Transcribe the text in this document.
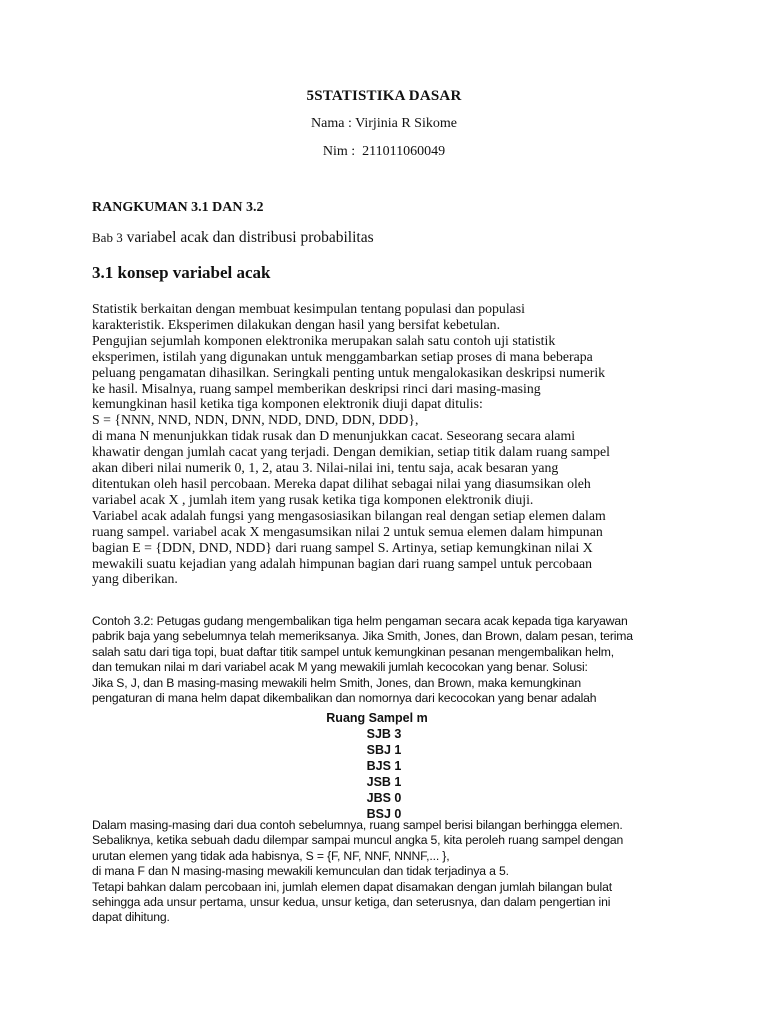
5STATISTIKA DASAR
Nama : Virjinia R Sikome
Nim :  211011060049
RANGKUMAN 3.1 DAN 3.2
Bab 3 variabel acak dan distribusi probabilitas
3.1 konsep variabel acak
Statistik berkaitan dengan membuat kesimpulan tentang populasi dan populasi
karakteristik. Eksperimen dilakukan dengan hasil yang bersifat kebetulan.
Pengujian sejumlah komponen elektronika merupakan salah satu contoh uji statistik
eksperimen, istilah yang digunakan untuk menggambarkan setiap proses di mana beberapa
peluang pengamatan dihasilkan. Seringkali penting untuk mengalokasikan deskripsi numerik
ke hasil. Misalnya, ruang sampel memberikan deskripsi rinci dari masing-masing
kemungkinan hasil ketika tiga komponen elektronik diuji dapat ditulis:
S = {NNN, NND, NDN, DNN, NDD, DND, DDN, DDD},
di mana N menunjukkan tidak rusak dan D menunjukkan cacat. Seseorang secara alami
khawatir dengan jumlah cacat yang terjadi. Dengan demikian, setiap titik dalam ruang sampel
akan diberi nilai numerik 0, 1, 2, atau 3. Nilai-nilai ini, tentu saja, acak besaran yang
ditentukan oleh hasil percobaan. Mereka dapat dilihat sebagai nilai yang diasumsikan oleh
variabel acak X , jumlah item yang rusak ketika tiga komponen elektronik diuji.
Variabel acak adalah fungsi yang mengasosiasikan bilangan real dengan setiap elemen dalam
ruang sampel. variabel acak X mengasumsikan nilai 2 untuk semua elemen dalam himpunan
bagian E = {DDN, DND, NDD} dari ruang sampel S. Artinya, setiap kemungkinan nilai X
mewakili suatu kejadian yang adalah himpunan bagian dari ruang sampel untuk percobaan
yang diberikan.
Contoh 3.2: Petugas gudang mengembalikan tiga helm pengaman secara acak kepada tiga karyawan
pabrik baja yang sebelumnya telah memeriksanya. Jika Smith, Jones, dan Brown, dalam pesan, terima
salah satu dari tiga topi, buat daftar titik sampel untuk kemungkinan pesanan mengembalikan helm,
dan temukan nilai m dari variabel acak M yang mewakili jumlah kecocokan yang benar. Solusi:
Jika S, J, dan B masing-masing mewakili helm Smith, Jones, dan Brown, maka kemungkinan
pengaturan di mana helm dapat dikembalikan dan nomornya dari kecocokan yang benar adalah
Ruang Sampel m
SJB 3
SBJ 1
BJS 1
JSB 1
JBS 0
BSJ 0
Dalam masing-masing dari dua contoh sebelumnya, ruang sampel berisi bilangan berhingga elemen.
Sebaliknya, ketika sebuah dadu dilempar sampai muncul angka 5, kita peroleh ruang sampel dengan
urutan elemen yang tidak ada habisnya, S = {F, NF, NNF, NNNF,... },
di mana F dan N masing-masing mewakili kemunculan dan tidak terjadinya a 5.
Tetapi bahkan dalam percobaan ini, jumlah elemen dapat disamakan dengan jumlah bilangan bulat
sehingga ada unsur pertama, unsur kedua, unsur ketiga, dan seterusnya, dan dalam pengertian ini
dapat dihitung.
